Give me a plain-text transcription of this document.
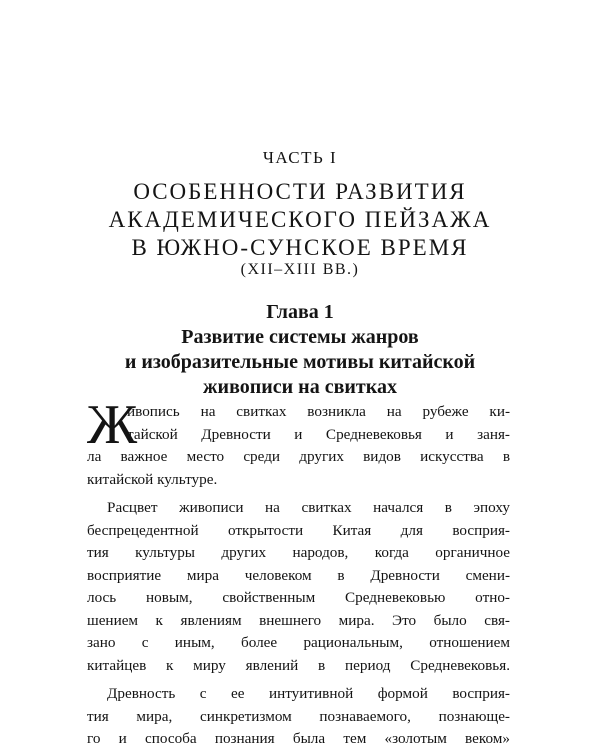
ЧАСТЬ I
ОСОБЕННОСТИ РАЗВИТИЯ
АКАДЕМИЧЕСКОГО ПЕЙЗАЖА
В ЮЖНО-СУНСКОЕ ВРЕМЯ
(XII–XIII ВВ.)
Глава 1
Развитие системы жанров
и изобразительные мотивы китайской
живописи на свитках
Ж
ивопись на свитках возникла на рубеже ки-
тайской Древности и Средневековья и заня-
ла важное место среди других видов искусства в
китайской культуре.
Расцвет живописи на свитках начался в эпоху
беспрецедентной открытости Китая для восприя-
тия культуры других народов, когда органичное
восприятие мира человеком в Древности смени-
лось новым, свойственным Средневековью отно-
шением к явлениям внешнего мира. Это было свя-
зано с иным, более рациональным, отношением
китайцев к миру явлений в период Средневековья.
Древность с ее интуитивной формой восприя-
тия мира, синкретизмом познаваемого, познающе-
го и способа познания была тем «золотым веком»
